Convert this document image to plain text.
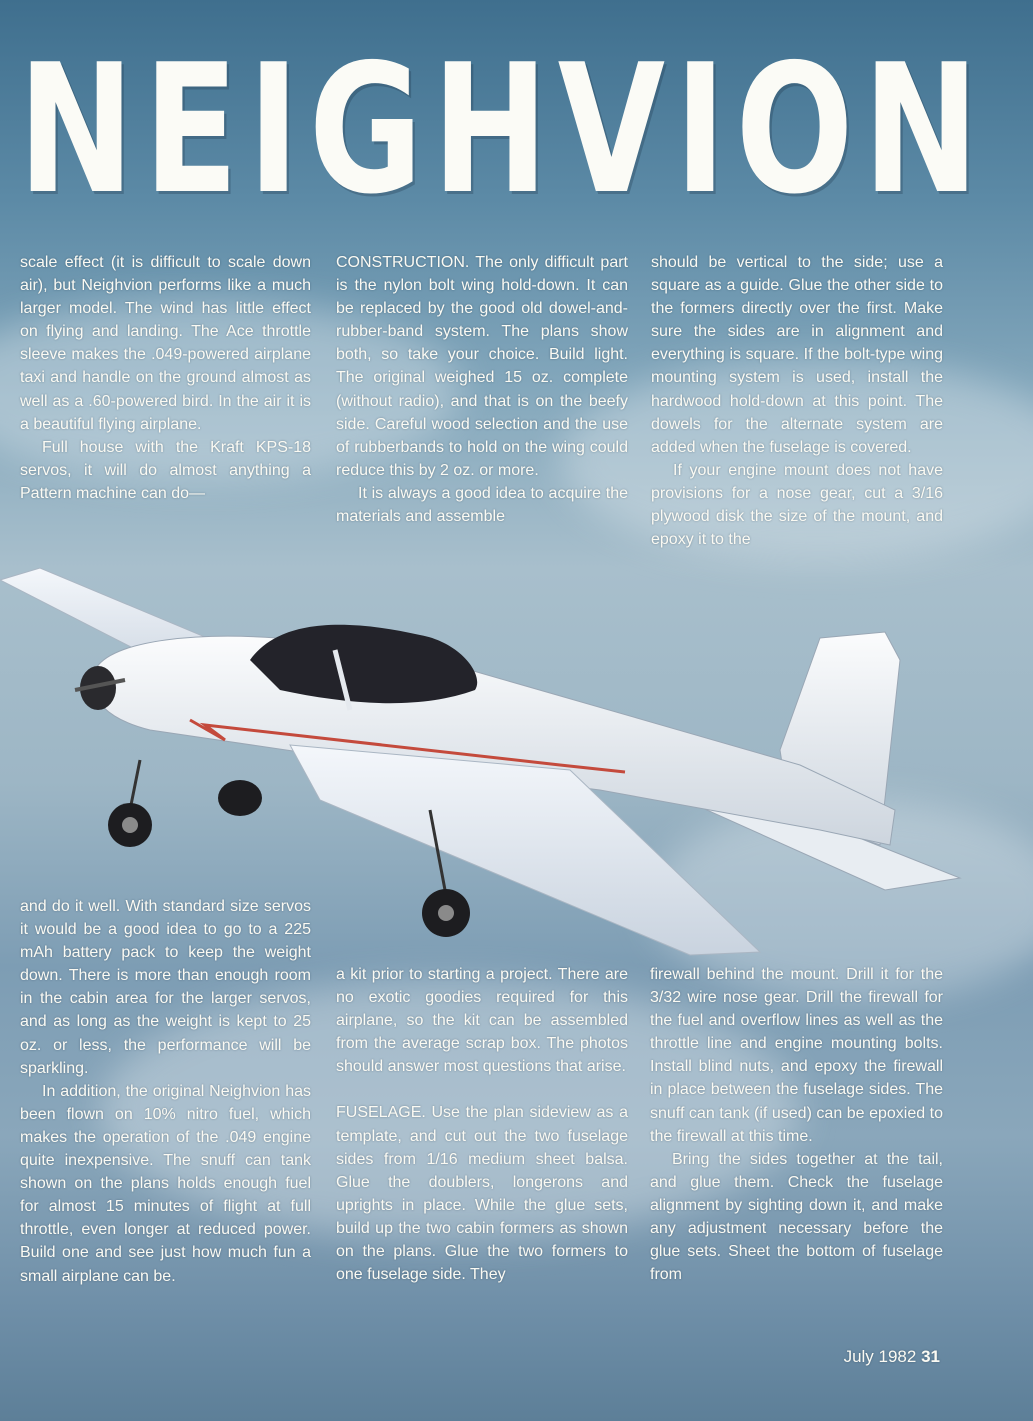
NEIGHVION

scale effect (it is difficult to scale down air), but Neighvion performs like a much larger model. The wind has little effect on flying and landing. The Ace throttle sleeve makes the .049-powered airplane taxi and handle on the ground almost as well as a .60-powered bird. In the air it is a beautiful flying airplane.

Full house with the Kraft KPS-18 servos, it will do almost anything a Pattern machine can do—

CONSTRUCTION. The only difficult part is the nylon bolt wing hold-down. It can be replaced by the good old dowel-and-rubber-band system. The plans show both, so take your choice. Build light. The original weighed 15 oz. complete (without radio), and that is on the beefy side. Careful wood selection and the use of rubberbands to hold on the wing could reduce this by 2 oz. or more.

It is always a good idea to acquire the materials and assemble

should be vertical to the side; use a square as a guide. Glue the other side to the formers directly over the first. Make sure the sides are in alignment and everything is square. If the bolt-type wing mounting system is used, install the hardwood hold-down at this point. The dowels for the alternate system are added when the fuselage is covered.

If your engine mount does not have provisions for a nose gear, cut a 3/16 plywood disk the size of the mount, and epoxy it to the

and do it well. With standard size servos it would be a good idea to go to a 225 mAh battery pack to keep the weight down. There is more than enough room in the cabin area for the larger servos, and as long as the weight is kept to 25 oz. or less, the performance will be sparkling.

In addition, the original Neighvion has been flown on 10% nitro fuel, which makes the operation of the .049 engine quite inexpensive. The snuff can tank shown on the plans holds enough fuel for almost 15 minutes of flight at full throttle, even longer at reduced power. Build one and see just how much fun a small airplane can be.

a kit prior to starting a project. There are no exotic goodies required for this airplane, so the kit can be assembled from the average scrap box. The photos should answer most questions that arise.

FUSELAGE. Use the plan sideview as a template, and cut out the two fuselage sides from 1/16 medium sheet balsa. Glue the doublers, longerons and uprights in place. While the glue sets, build up the two cabin formers as shown on the plans. Glue the two formers to one fuselage side. They

firewall behind the mount. Drill it for the 3/32 wire nose gear. Drill the firewall for the fuel and overflow lines as well as the throttle line and engine mounting bolts. Install blind nuts, and epoxy the firewall in place between the fuselage sides. The snuff can tank (if used) can be epoxied to the firewall at this time.

Bring the sides together at the tail, and glue them. Check the fuselage alignment by sighting down it, and make any adjustment necessary before the glue sets. Sheet the bottom of fuselage from

July 1982 31
